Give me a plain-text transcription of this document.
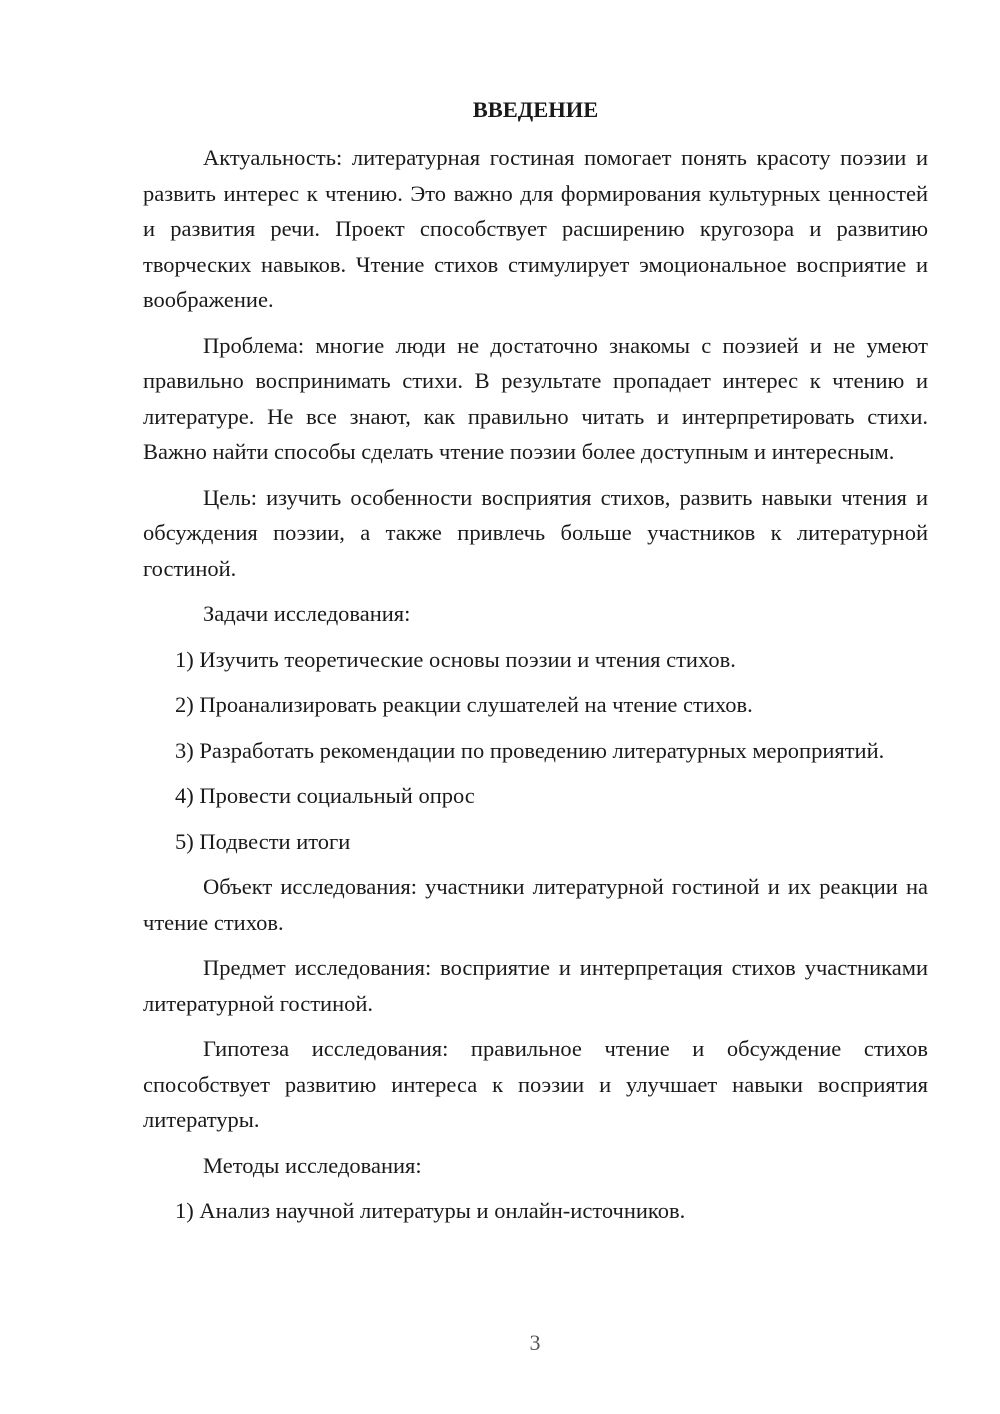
ВВЕДЕНИЕ

Актуальность: литературная гостиная помогает понять красоту поэзии и развить интерес к чтению. Это важно для формирования культурных ценностей и развития речи. Проект способствует расширению кругозора и развитию творческих навыков. Чтение стихов стимулирует эмоциональное восприятие и воображение.

Проблема: многие люди не достаточно знакомы с поэзией и не умеют правильно воспринимать стихи. В результате пропадает интерес к чтению и литературе. Не все знают, как правильно читать и интерпретировать стихи. Важно найти способы сделать чтение поэзии более доступным и интересным.

Цель: изучить особенности восприятия стихов, развить навыки чтения и обсуждения поэзии, а также привлечь больше участников к литературной гостиной.

Задачи исследования:

1) Изучить теоретические основы поэзии и чтения стихов.

2) Проанализировать реакции слушателей на чтение стихов.

3) Разработать рекомендации по проведению литературных мероприятий.

4) Провести социальный опрос

5) Подвести итоги

Объект исследования: участники литературной гостиной и их реакции на чтение стихов.

Предмет исследования: восприятие и интерпретация стихов участниками литературной гостиной.

Гипотеза исследования: правильное чтение и обсуждение стихов способствует развитию интереса к поэзии и улучшает навыки восприятия литературы.

Методы исследования:

1) Анализ научной литературы и онлайн-источников.

3
